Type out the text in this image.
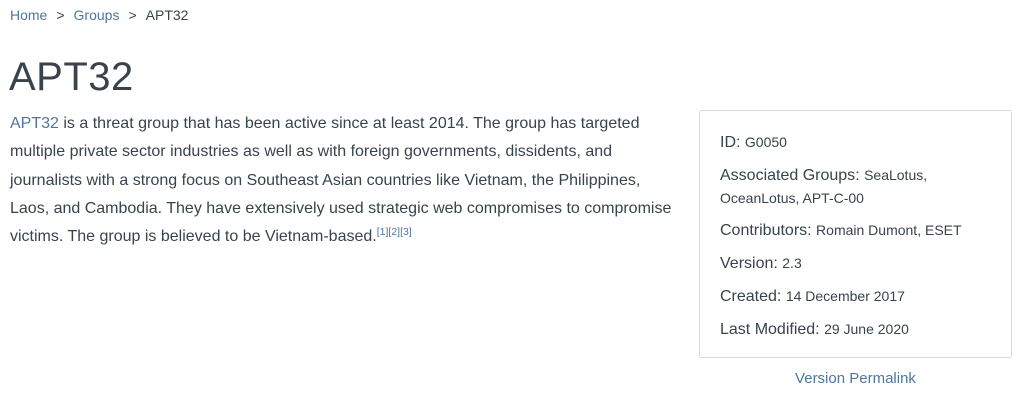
Home > Groups > APT32
APT32

APT32 is a threat group that has been active since at least 2014. The group has targeted multiple private sector industries as well as with foreign governments, dissidents, and journalists with a strong focus on Southeast Asian countries like Vietnam, the Philippines, Laos, and Cambodia. They have extensively used strategic web compromises to compromise victims. The group is believed to be Vietnam-based.[1][2][3]

ID: G0050
Associated Groups: SeaLotus, OceanLotus, APT-C-00
Contributors: Romain Dumont, ESET
Version: 2.3
Created: 14 December 2017
Last Modified: 29 June 2020
Version Permalink
